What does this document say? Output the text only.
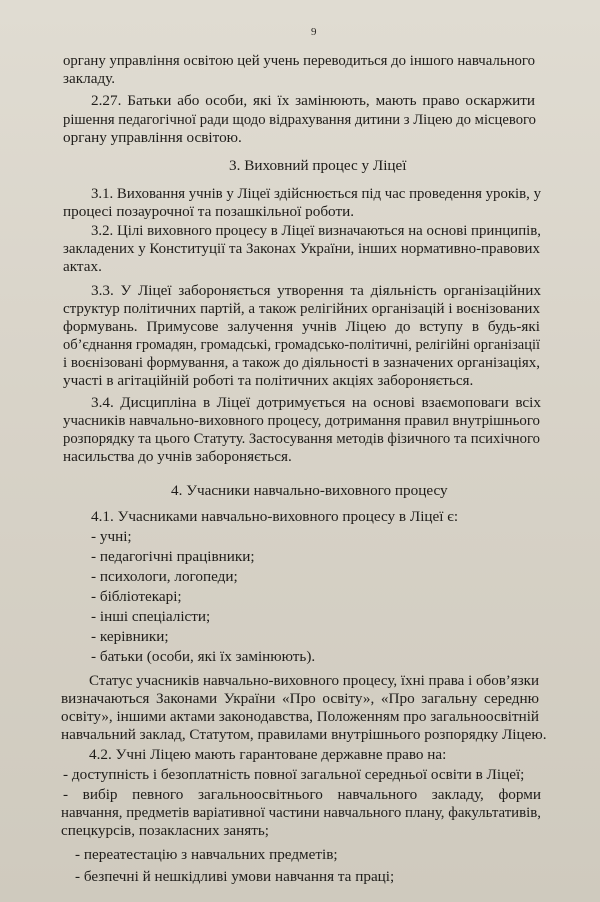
9
органу управління освітою цей учень переводиться до іншого навчального
закладу.
2.27. Батьки або особи, які їх замінюють, мають право оскаржити
рішення педагогічної ради щодо відрахування дитини з Ліцею до місцевого
органу управління освітою.
3. Виховний процес у Ліцеї
3.1. Виховання учнів у Ліцеї здійснюється під час проведення уроків, у
процесі позаурочної та позашкільної роботи.
3.2. Цілі виховного процесу в Ліцеї визначаються на основі принципів,
закладених у Конституції та Законах України, інших нормативно-правових
актах.
3.3. У Ліцеї забороняється утворення та діяльність організаційних
структур політичних партій, а також релігійних організацій і воєнізованих
формувань. Примусове залучення учнів Ліцею до вступу в будь-які
об’єднання громадян, громадські, громадсько-політичні, релігійні організації
і воєнізовані формування, а також до діяльності в зазначених організаціях,
участі в агітаційній роботі та політичних акціях забороняється.
3.4. Дисципліна в Ліцеї дотримується на основі взаємоповаги всіх
учасників навчально-виховного процесу, дотримання правил внутрішнього
розпорядку та цього Статуту. Застосування методів фізичного та психічного
насильства до учнів забороняється.
4. Учасники навчально-виховного процесу
4.1. Учасниками навчально-виховного процесу в Ліцеї є:
- учні;
- педагогічні працівники;
- психологи, логопеди;
- бібліотекарі;
- інші спеціалісти;
- керівники;
- батьки (особи, які їх замінюють).
Статус учасників навчально-виховного процесу, їхні права і обов’язки
визначаються Законами України «Про освіту», «Про загальну середню
освіту», іншими актами законодавства, Положенням про загальноосвітній
навчальний заклад, Статутом, правилами внутрішнього розпорядку Ліцею.
4.2. Учні Ліцею мають гарантоване державне право на:
- доступність і безоплатність повної загальної середньої освіти в Ліцеї;
- вибір певного загальноосвітнього навчального закладу, форми
навчання, предметів варіативної частини навчального плану, факультативів,
спецкурсів, позакласних занять;
- переатестацію з навчальних предметів;
- безпечні й нешкідливі умови навчання та праці;
